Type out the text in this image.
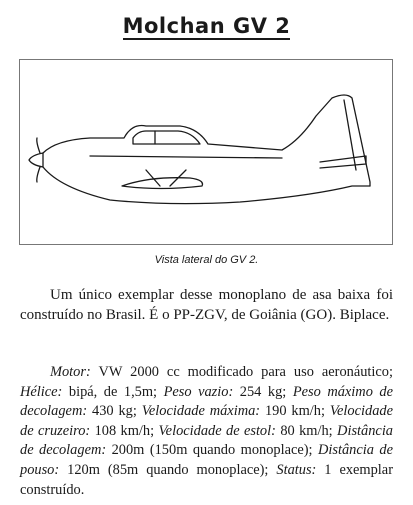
Molchan GV 2
Vista lateral do GV 2.

Um único exemplar desse monoplano de asa baixa foi construído no Brasil. É o PP-ZGV, de Goiânia (GO). Biplace.

Motor: VW 2000 cc modificado para uso aeronáutico; Hélice: bipá, de 1,5m; Peso vazio: 254 kg; Peso máximo de decolagem: 430 kg; Velocidade máxima: 190 km/h; Velocidade de cruzeiro: 108 km/h; Velocidade de estol: 80 km/h; Distância de decolagem: 200m (150m quando monoplace); Distância de pouso: 120m (85m quando monoplace); Status: 1 exemplar construído.
